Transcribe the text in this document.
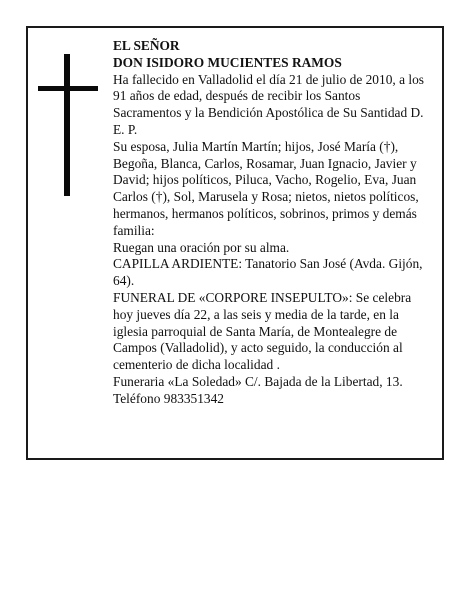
EL SEÑOR

DON ISIDORO MUCIENTES RAMOS

Ha fallecido en Valladolid el día 21 de julio de 2010, a los 91 años de edad, después de recibir los Santos Sacramentos y la Bendición Apostólica de Su Santidad D. E. P.

Su esposa, Julia Martín Martín; hijos, José María (†), Begoña, Blanca, Carlos, Rosamar, Juan Ignacio, Javier y David; hijos políticos, Piluca, Vacho, Rogelio, Eva, Juan Carlos (†), Sol, Marusela y Rosa; nietos, nietos políticos, hermanos, hermanos políticos, sobrinos, primos y demás familia:

Ruegan una oración por su alma.

CAPILLA ARDIENTE: Tanatorio San José (Avda. Gijón, 64).

FUNERAL DE «CORPORE INSEPULTO»: Se celebra hoy jueves día 22, a las seis y media de la tarde, en la iglesia parroquial de Santa María, de Montealegre de Campos (Valladolid), y acto seguido, la conducción al cementerio de dicha localidad .

Funeraria «La Soledad» C/. Bajada de la Libertad, 13. Teléfono 983351342
